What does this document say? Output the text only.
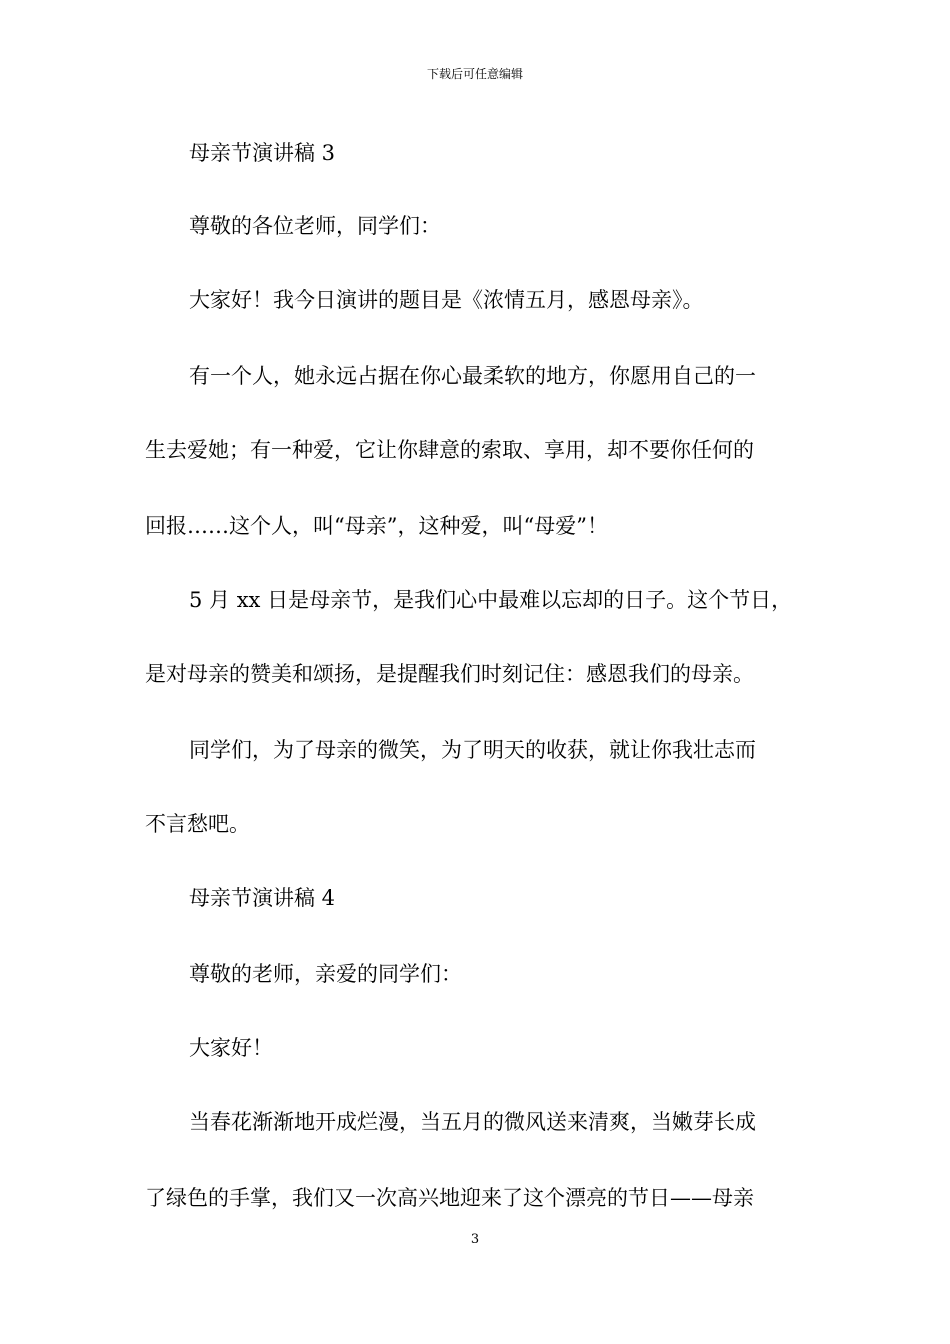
下载后可任意编辑
母亲节演讲稿 3
尊敬的各位老师，同学们：
大家好！我今日演讲的题目是《浓情五月，感恩母亲》。
有一个人，她永远占据在你心最柔软的地方，你愿用自己的一
生去爱她；有一种爱，它让你肆意的索取、享用，却不要你任何的
回报……这个人，叫“母亲”，这种爱，叫“母爱”！
5 月 xx 日是母亲节，是我们心中最难以忘却的日子。这个节日，
是对母亲的赞美和颂扬，是提醒我们时刻记住：感恩我们的母亲。
同学们，为了母亲的微笑，为了明天的收获，就让你我壮志而
不言愁吧。
母亲节演讲稿 4
尊敬的老师，亲爱的同学们：
大家好！
当春花渐渐地开成烂漫，当五月的微风送来清爽，当嫩芽长成
了绿色的手掌，我们又一次高兴地迎来了这个漂亮的节日——母亲
3
